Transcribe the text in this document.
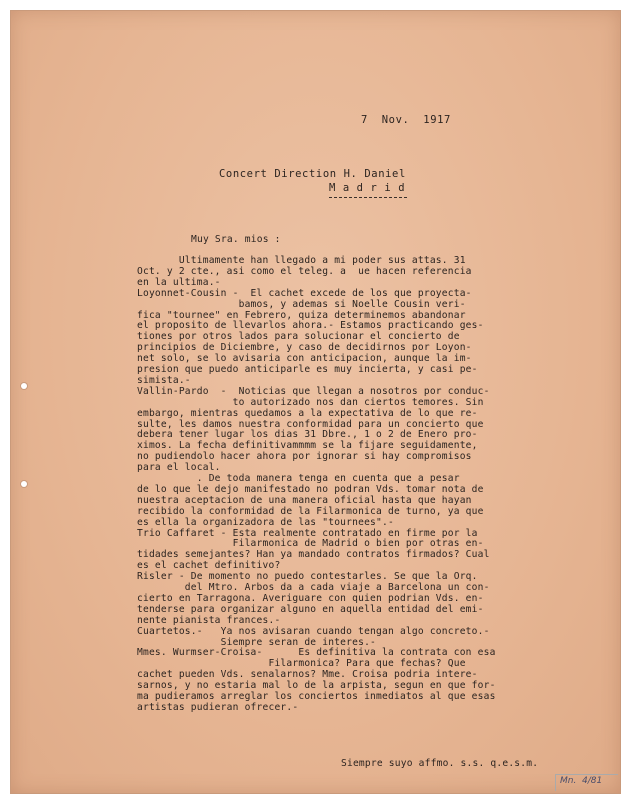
7  Nov.  1917
Concert Direction H. Daniel
M a d r i d
Muy Sra. mios :
Ultimamente han llegado a mi poder sus attas. 31
Oct. y 2 cte., asi como el teleg. a  ue hacen referencia
en la ultima.-
Loyonnet-Cousin -  El cachet excede de los que proyecta-
bamos, y ademas si Noelle Cousin veri-
fica "tournee" en Febrero, quiza determinemos abandonar
el proposito de llevarlos ahora.- Estamos practicando ges-
tiones por otros lados para solucionar el concierto de
principios de Diciembre, y caso de decidirnos por Loyon-
net solo, se lo avisaria con anticipacion, aunque la im-
presion que puedo anticiparle es muy incierta, y casi pe-
simista.-
Vallin-Pardo  -  Noticias que llegan a nosotros por conduc-
to autorizado nos dan ciertos temores. Sin
embargo, mientras quedamos a la expectativa de lo que re-
sulte, les damos nuestra conformidad para un concierto que
debera tener lugar los dias 31 Dbre., 1 o 2 de Enero pro-
ximos. La fecha definitivammmm se la fijare seguidamente,
no pudiendolo hacer ahora por ignorar si hay compromisos
para el local.
. De toda manera tenga en cuenta que a pesar
de lo que le dejo manifestado no podran Vds. tomar nota de
nuestra aceptacion de una manera oficial hasta que hayan
recibido la conformidad de la Filarmonica de turno, ya que
es ella la organizadora de las "tournees".-
Trio Caffaret - Esta realmente contratado en firme por la
Filarmonica de Madrid o bien por otras en-
tidades semejantes? Han ya mandado contratos firmados? Cual
es el cachet definitivo?
Risler - De momento no puedo contestarles. Se que la Orq.
del Mtro. Arbos da a cada viaje a Barcelona un con-
cierto en Tarragona. Averiguare con quien podrian Vds. en-
tenderse para organizar alguno en aquella entidad del emi-
nente pianista frances.-
Cuartetos.-   Ya nos avisaran cuando tengan algo concreto.-
Siempre seran de interes.-
Mmes. Wurmser-Croisa-      Es definitiva la contrata con esa
Filarmonica? Para que fechas? Que
cachet pueden Vds. senalarnos? Mme. Croisa podria intere-
sarnos, y no estaria mal lo de la arpista, segun en que for-
ma pudieramos arreglar los conciertos inmediatos al que esas
artistas pudieran ofrecer.-
Siempre suyo affmo. s.s. q.e.s.m.
Mn.  4/81
